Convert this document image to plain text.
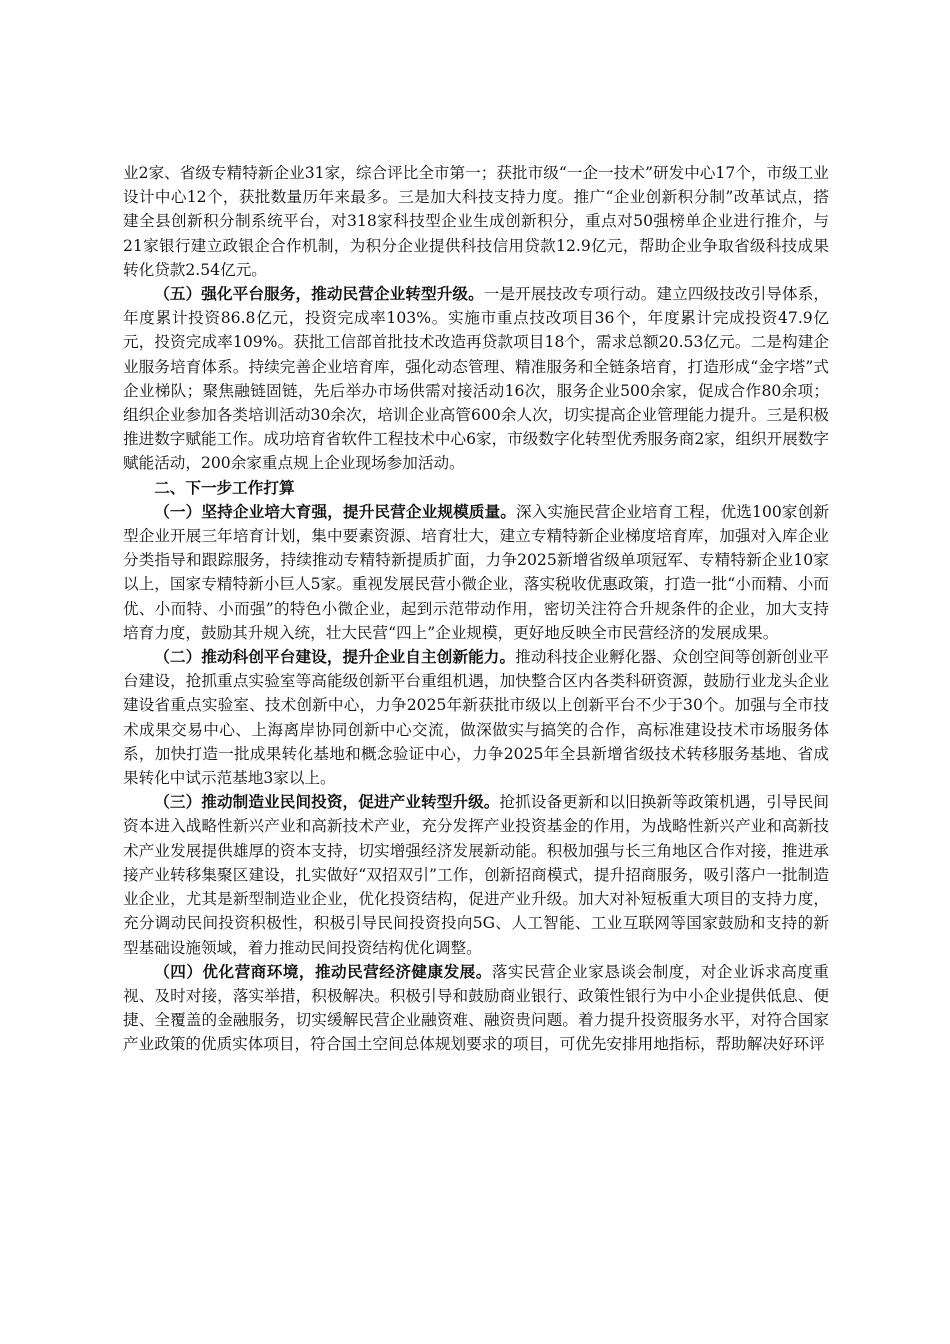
业2家、省级专精特新企业31家，综合评比全市第一；获批市级“一企一技术”研发中心17个，市级工业设计中心12个，获批数量历年来最多。三是加大科技支持力度。推广“企业创新积分制”改革试点，搭建全县创新积分制系统平台，对318家科技型企业生成创新积分，重点对50强榜单企业进行推介，与21家银行建立政银企合作机制，为积分企业提供科技信用贷款12.9亿元，帮助企业争取省级科技成果转化贷款2.54亿元。

（五）强化平台服务，推动民营企业转型升级。一是开展技改专项行动。建立四级技改引导体系，年度累计投资86.8亿元，投资完成率103%。实施市重点技改项目36个，年度累计完成投资47.9亿元，投资完成率109%。获批工信部首批技术改造再贷款项目18个，需求总额20.53亿元。二是构建企业服务培育体系。持续完善企业培育库，强化动态管理、精准服务和全链条培育，打造形成“金字塔”式企业梯队；聚焦融链固链，先后举办市场供需对接活动16次，服务企业500余家，促成合作80余项；组织企业参加各类培训活动30余次，培训企业高管600余人次，切实提高企业管理能力提升。三是积极推进数字赋能工作。成功培育省软件工程技术中心6家，市级数字化转型优秀服务商2家，组织开展数字赋能活动，200余家重点规上企业现场参加活动。

二、下一步工作打算

（一）坚持企业培大育强，提升民营企业规模质量。深入实施民营企业培育工程，优选100家创新型企业开展三年培育计划，集中要素资源、培育壮大，建立专精特新企业梯度培育库，加强对入库企业分类指导和跟踪服务，持续推动专精特新提质扩面，力争2025新增省级单项冠军、专精特新企业10家以上，国家专精特新小巨人5家。重视发展民营小微企业，落实税收优惠政策，打造一批“小而精、小而优、小而特、小而强”的特色小微企业，起到示范带动作用，密切关注符合升规条件的企业，加大支持培育力度，鼓励其升规入统，壮大民营“四上”企业规模，更好地反映全市民营经济的发展成果。

（二）推动科创平台建设，提升企业自主创新能力。推动科技企业孵化器、众创空间等创新创业平台建设，抢抓重点实验室等高能级创新平台重组机遇，加快整合区内各类科研资源，鼓励行业龙头企业建设省重点实验室、技术创新中心，力争2025年新获批市级以上创新平台不少于30个。加强与全市技术成果交易中心、上海离岸协同创新中心交流，做深做实与搞笑的合作，高标准建设技术市场服务体系，加快打造一批成果转化基地和概念验证中心，力争2025年全县新增省级技术转移服务基地、省成果转化中试示范基地3家以上。

（三）推动制造业民间投资，促进产业转型升级。抢抓设备更新和以旧换新等政策机遇，引导民间资本进入战略性新兴产业和高新技术产业，充分发挥产业投资基金的作用，为战略性新兴产业和高新技术产业发展提供雄厚的资本支持，切实增强经济发展新动能。积极加强与长三角地区合作对接，推进承接产业转移集聚区建设，扎实做好“双招双引”工作，创新招商模式，提升招商服务，吸引落户一批制造业企业，尤其是新型制造业企业，优化投资结构，促进产业升级。加大对补短板重大项目的支持力度，充分调动民间投资积极性，积极引导民间投资投向5G、人工智能、工业互联网等国家鼓励和支持的新型基础设施领域，着力推动民间投资结构优化调整。

（四）优化营商环境，推动民营经济健康发展。落实民营企业家恳谈会制度，对企业诉求高度重视、及时对接，落实举措，积极解决。积极引导和鼓励商业银行、政策性银行为中小企业提供低息、便捷、全覆盖的金融服务，切实缓解民营企业融资难、融资贵问题。着力提升投资服务水平，对符合国家产业政策的优质实体项目，符合国土空间总体规划要求的项目，可优先安排用地指标，帮助解决好环评
